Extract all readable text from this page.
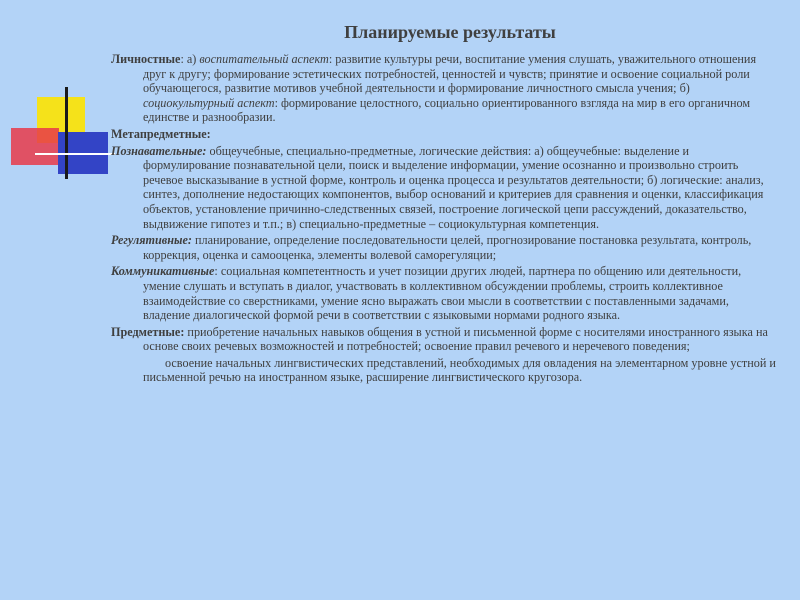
Планируемые результаты

Личностные: а) воспитательный аспект: развитие культуры речи, воспитание умения слушать, уважительного отношения друг к другу; формирование эстетических потребностей, ценностей и чувств; принятие и освоение социальной роли обучающегося, развитие мотивов учебной деятельности и формирование личностного смысла учения; б) социокультурный аспект: формирование целостного, социально ориентированного взгляда на мир в его органичном единстве и разнообразии.

Метапредметные:

Познавательные: общеучебные, специально-предметные, логические действия: а) общеучебные: выделение и формулирование познавательной цели, поиск и выделение информации, умение осознанно и произвольно строить речевое высказывание в устной форме, контроль и оценка процесса и результатов деятельности; б) логические: анализ, синтез, дополнение недостающих компонентов, выбор оснований и критериев для сравнения и оценки, классификация объектов, установление причинно-следственных связей, построение логической цепи рассуждений, доказательство, выдвижение гипотез и т.п.; в) специально-предметные – социокультурная компетенция.

Регулятивные: планирование, определение последовательности целей, прогнозирование постановка результата, контроль, коррекция, оценка и самооценка, элементы волевой саморегуляции;

Коммуникативные: социальная компетентность и учет позиции других людей, партнера по общению или деятельности, умение слушать и вступать в диалог, участвовать в коллективном обсуждении проблемы, строить коллективное взаимодействие со сверстниками, умение ясно выражать свои мысли в соответствии с поставленными задачами, владение диалогической формой речи в соответствии с языковыми нормами родного языка.

Предметные: приобретение начальных навыков общения в устной и письменной форме с носителями иностранного языка на основе своих речевых возможностей и потребностей; освоение правил речевого и неречевого поведения;

освоение начальных лингвистических представлений, необходимых для овладения на элементарном уровне устной и письменной речью на иностранном языке, расширение лингвистического кругозора.
